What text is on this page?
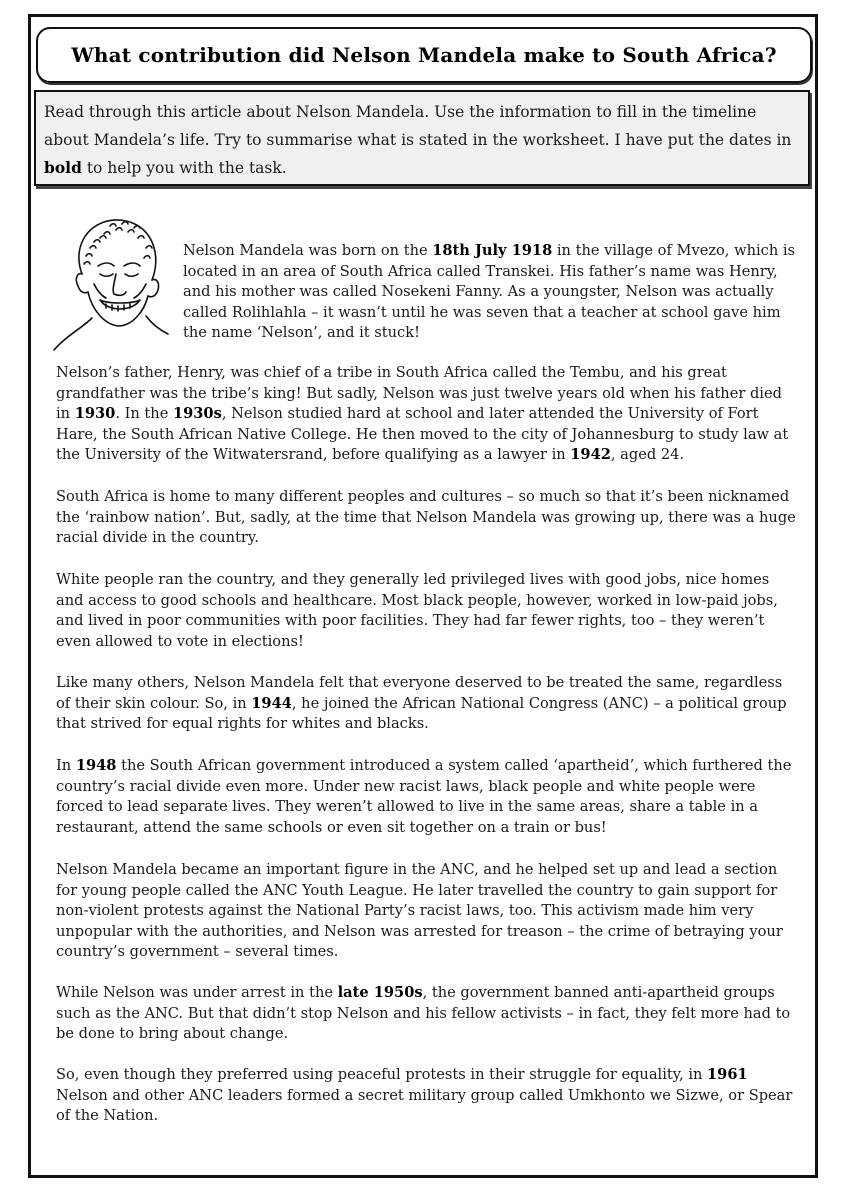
What contribution did Nelson Mandela make to South Africa?

Read through this article about Nelson Mandela. Use the information to fill in the timeline about Mandela’s life. Try to summarise what is stated in the worksheet. I have put the dates in bold to help you with the task.

Nelson Mandela was born on the 18th July 1918 in the village of Mvezo, which is located in an area of South Africa called Transkei. His father’s name was Henry, and his mother was called Nosekeni Fanny. As a youngster, Nelson was actually called Rolihlahla – it wasn’t until he was seven that a teacher at school gave him the name ‘Nelson’, and it stuck!

Nelson’s father, Henry, was chief of a tribe in South Africa called the Tembu, and his great grandfather was the tribe’s king! But sadly, Nelson was just twelve years old when his father died in 1930. In the 1930s, Nelson studied hard at school and later attended the University of Fort Hare, the South African Native College. He then moved to the city of Johannesburg to study law at the University of the Witwatersrand, before qualifying as a lawyer in 1942, aged 24.

South Africa is home to many different peoples and cultures – so much so that it’s been nicknamed the ‘rainbow nation’. But, sadly, at the time that Nelson Mandela was growing up, there was a huge racial divide in the country.

White people ran the country, and they generally led privileged lives with good jobs, nice homes and access to good schools and healthcare. Most black people, however, worked in low-paid jobs, and lived in poor communities with poor facilities. They had far fewer rights, too – they weren’t even allowed to vote in elections!

Like many others, Nelson Mandela felt that everyone deserved to be treated the same, regardless of their skin colour. So, in 1944, he joined the African National Congress (ANC) – a political group that strived for equal rights for whites and blacks.

In 1948 the South African government introduced a system called ‘apartheid’, which furthered the country’s racial divide even more. Under new racist laws, black people and white people were forced to lead separate lives. They weren’t allowed to live in the same areas, share a table in a restaurant, attend the same schools or even sit together on a train or bus!

Nelson Mandela became an important figure in the ANC, and he helped set up and lead a section for young people called the ANC Youth League. He later travelled the country to gain support for non-violent protests against the National Party’s racist laws, too. This activism made him very unpopular with the authorities, and Nelson was arrested for treason – the crime of betraying your country’s government – several times.

While Nelson was under arrest in the late 1950s, the government banned anti-apartheid groups such as the ANC. But that didn’t stop Nelson and his fellow activists – in fact, they felt more had to be done to bring about change.

So, even though they preferred using peaceful protests in their struggle for equality, in 1961 Nelson and other ANC leaders formed a secret military group called Umkhonto we Sizwe, or Spear of the Nation.
